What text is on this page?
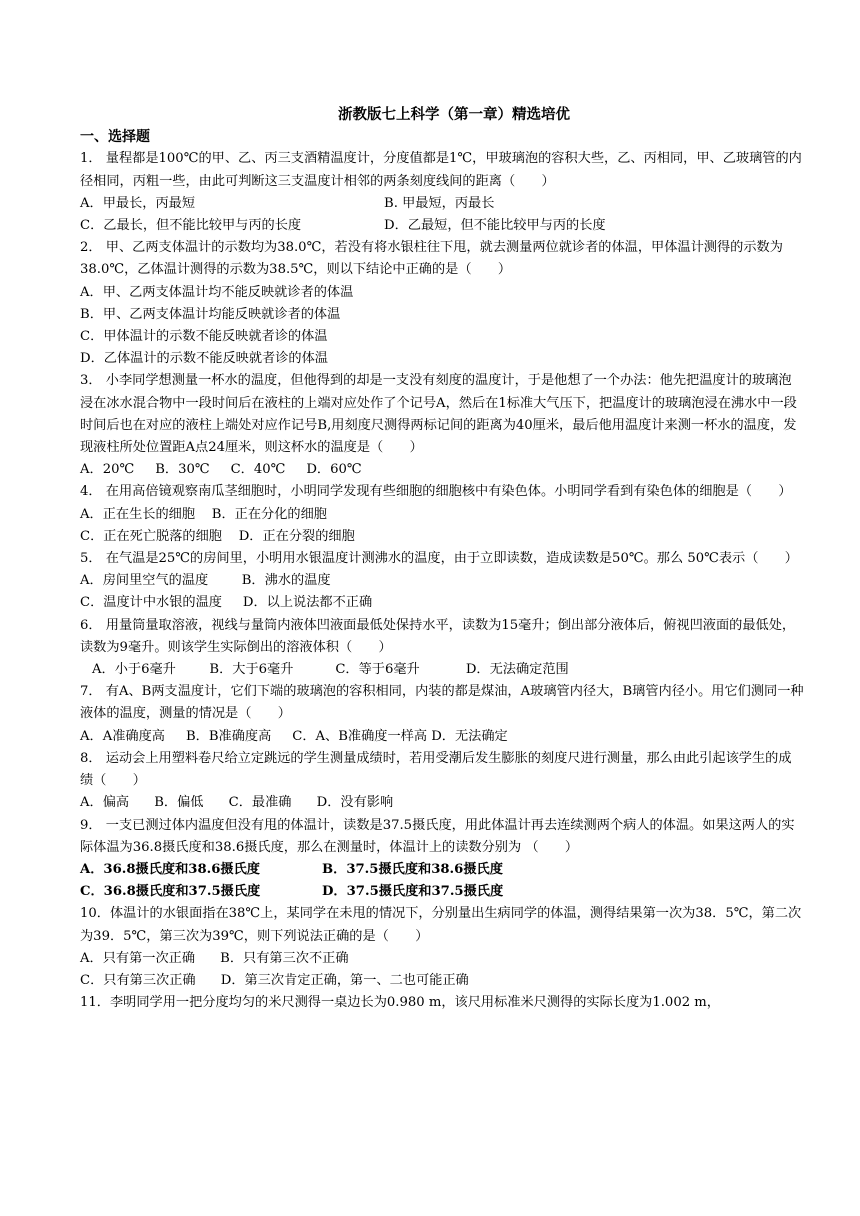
浙教版七上科学（第一章）精选培优
一、选择题
1． 量程都是100℃的甲、乙、丙三支酒精温度计，分度值都是1℃，甲玻璃泡的容积大些，乙、丙相同，甲、乙玻璃管的内径相同，丙粗一些，由此可判断这三支温度计相邻的两条刻度线间的距离（　　）
A．甲最长，丙最短	B. 甲最短，丙最长
C．乙最长，但不能比较甲与丙的长度	D．乙最短，但不能比较甲与丙的长度
2． 甲、乙两支体温计的示数均为38.0℃，若没有将水银柱往下甩，就去测量两位就诊者的体温，甲体温计测得的示数为38.0℃，乙体温计测得的示数为38.5℃，则以下结论中正确的是（　　）
A．甲、乙两支体温计均不能反映就诊者的体温
B．甲、乙两支体温计均能反映就诊者的体温
C．甲体温计的示数不能反映就者诊的体温
D．乙体温计的示数不能反映就者诊的体温
3． 小李同学想测量一杯水的温度，但他得到的却是一支没有刻度的温度计，于是他想了一个办法：他先把温度计的玻璃泡浸在冰水混合物中一段时间后在液柱的上端对应处作了个记号A，然后在1标准大气压下，把温度计的玻璃泡浸在沸水中一段时间后也在对应的液柱上端处对应作记号B,用刻度尺测得两标记间的距离为40厘米，最后他用温度计来测一杯水的温度，发现液柱所处位置距A点24厘米，则这杯水的温度是（　　）
A．20℃     B．30℃     C．40℃     D．60℃
4． 在用高倍镜观察南瓜茎细胞时，小明同学发现有些细胞的细胞核中有染色体。小明同学看到有染色体的细胞是（　　）
A．正在生长的细胞    B．正在分化的细胞
C．正在死亡脱落的细胞    D．正在分裂的细胞
5． 在气温是25℃的房间里，小明用水银温度计测沸水的温度，由于立即读数，造成读数是50℃。那么 50℃表示（　　）
A．房间里空气的温度        B．沸水的温度
C．温度计中水银的温度     D．以上说法都不正确
6． 用量筒量取溶液，视线与量筒内液体凹液面最低处保持水平，读数为15毫升；倒出部分液体后，俯视凹液面的最低处，读数为9毫升。则该学生实际倒出的溶液体积（　　）
A．小于6毫升        B．大于6毫升          C．等于6毫升           D．无法确定范围
7． 有A、B两支温度计，它们下端的玻璃泡的容积相同，内装的都是煤油，A玻璃管内径大，B璃管内径小。用它们测同一种液体的温度，测量的情况是（　　）
A．A准确度高     B．B准确度高     C．A、B准确度一样高 D．无法确定
8． 运动会上用塑料卷尺给立定跳远的学生测量成绩时，若用受潮后发生膨胀的刻度尺进行测量，那么由此引起该学生的成绩（　　）
A．偏高      B．偏低      C．最准确      D．没有影响
9． 一支已测过体内温度但没有甩的体温计，读数是37.5摄氏度，用此体温计再去连续测两个病人的体温。如果这两人的实际体温为36.8摄氏度和38.6摄氏度，那么在测量时，体温计上的读数分别为 （　　）
A．36.8摄氏度和38.6摄氏度	B．37.5摄氏度和38.6摄氏度
C．36.8摄氏度和37.5摄氏度	D．37.5摄氏度和37.5摄氏度
10．体温计的水银面指在38℃上，某同学在未甩的情况下，分别量出生病同学的体温，测得结果第一次为38．5℃，第二次为39．5℃，第三次为39℃，则下列说法正确的是（　　）
A．只有第一次正确      B．只有第三次不正确
C．只有第三次正确      D．第三次肯定正确，第一、二也可能正确
11．李明同学用一把分度均匀的米尺测得一桌边长为0.980 m，该尺用标准米尺测得的实际长度为1.002 m，
